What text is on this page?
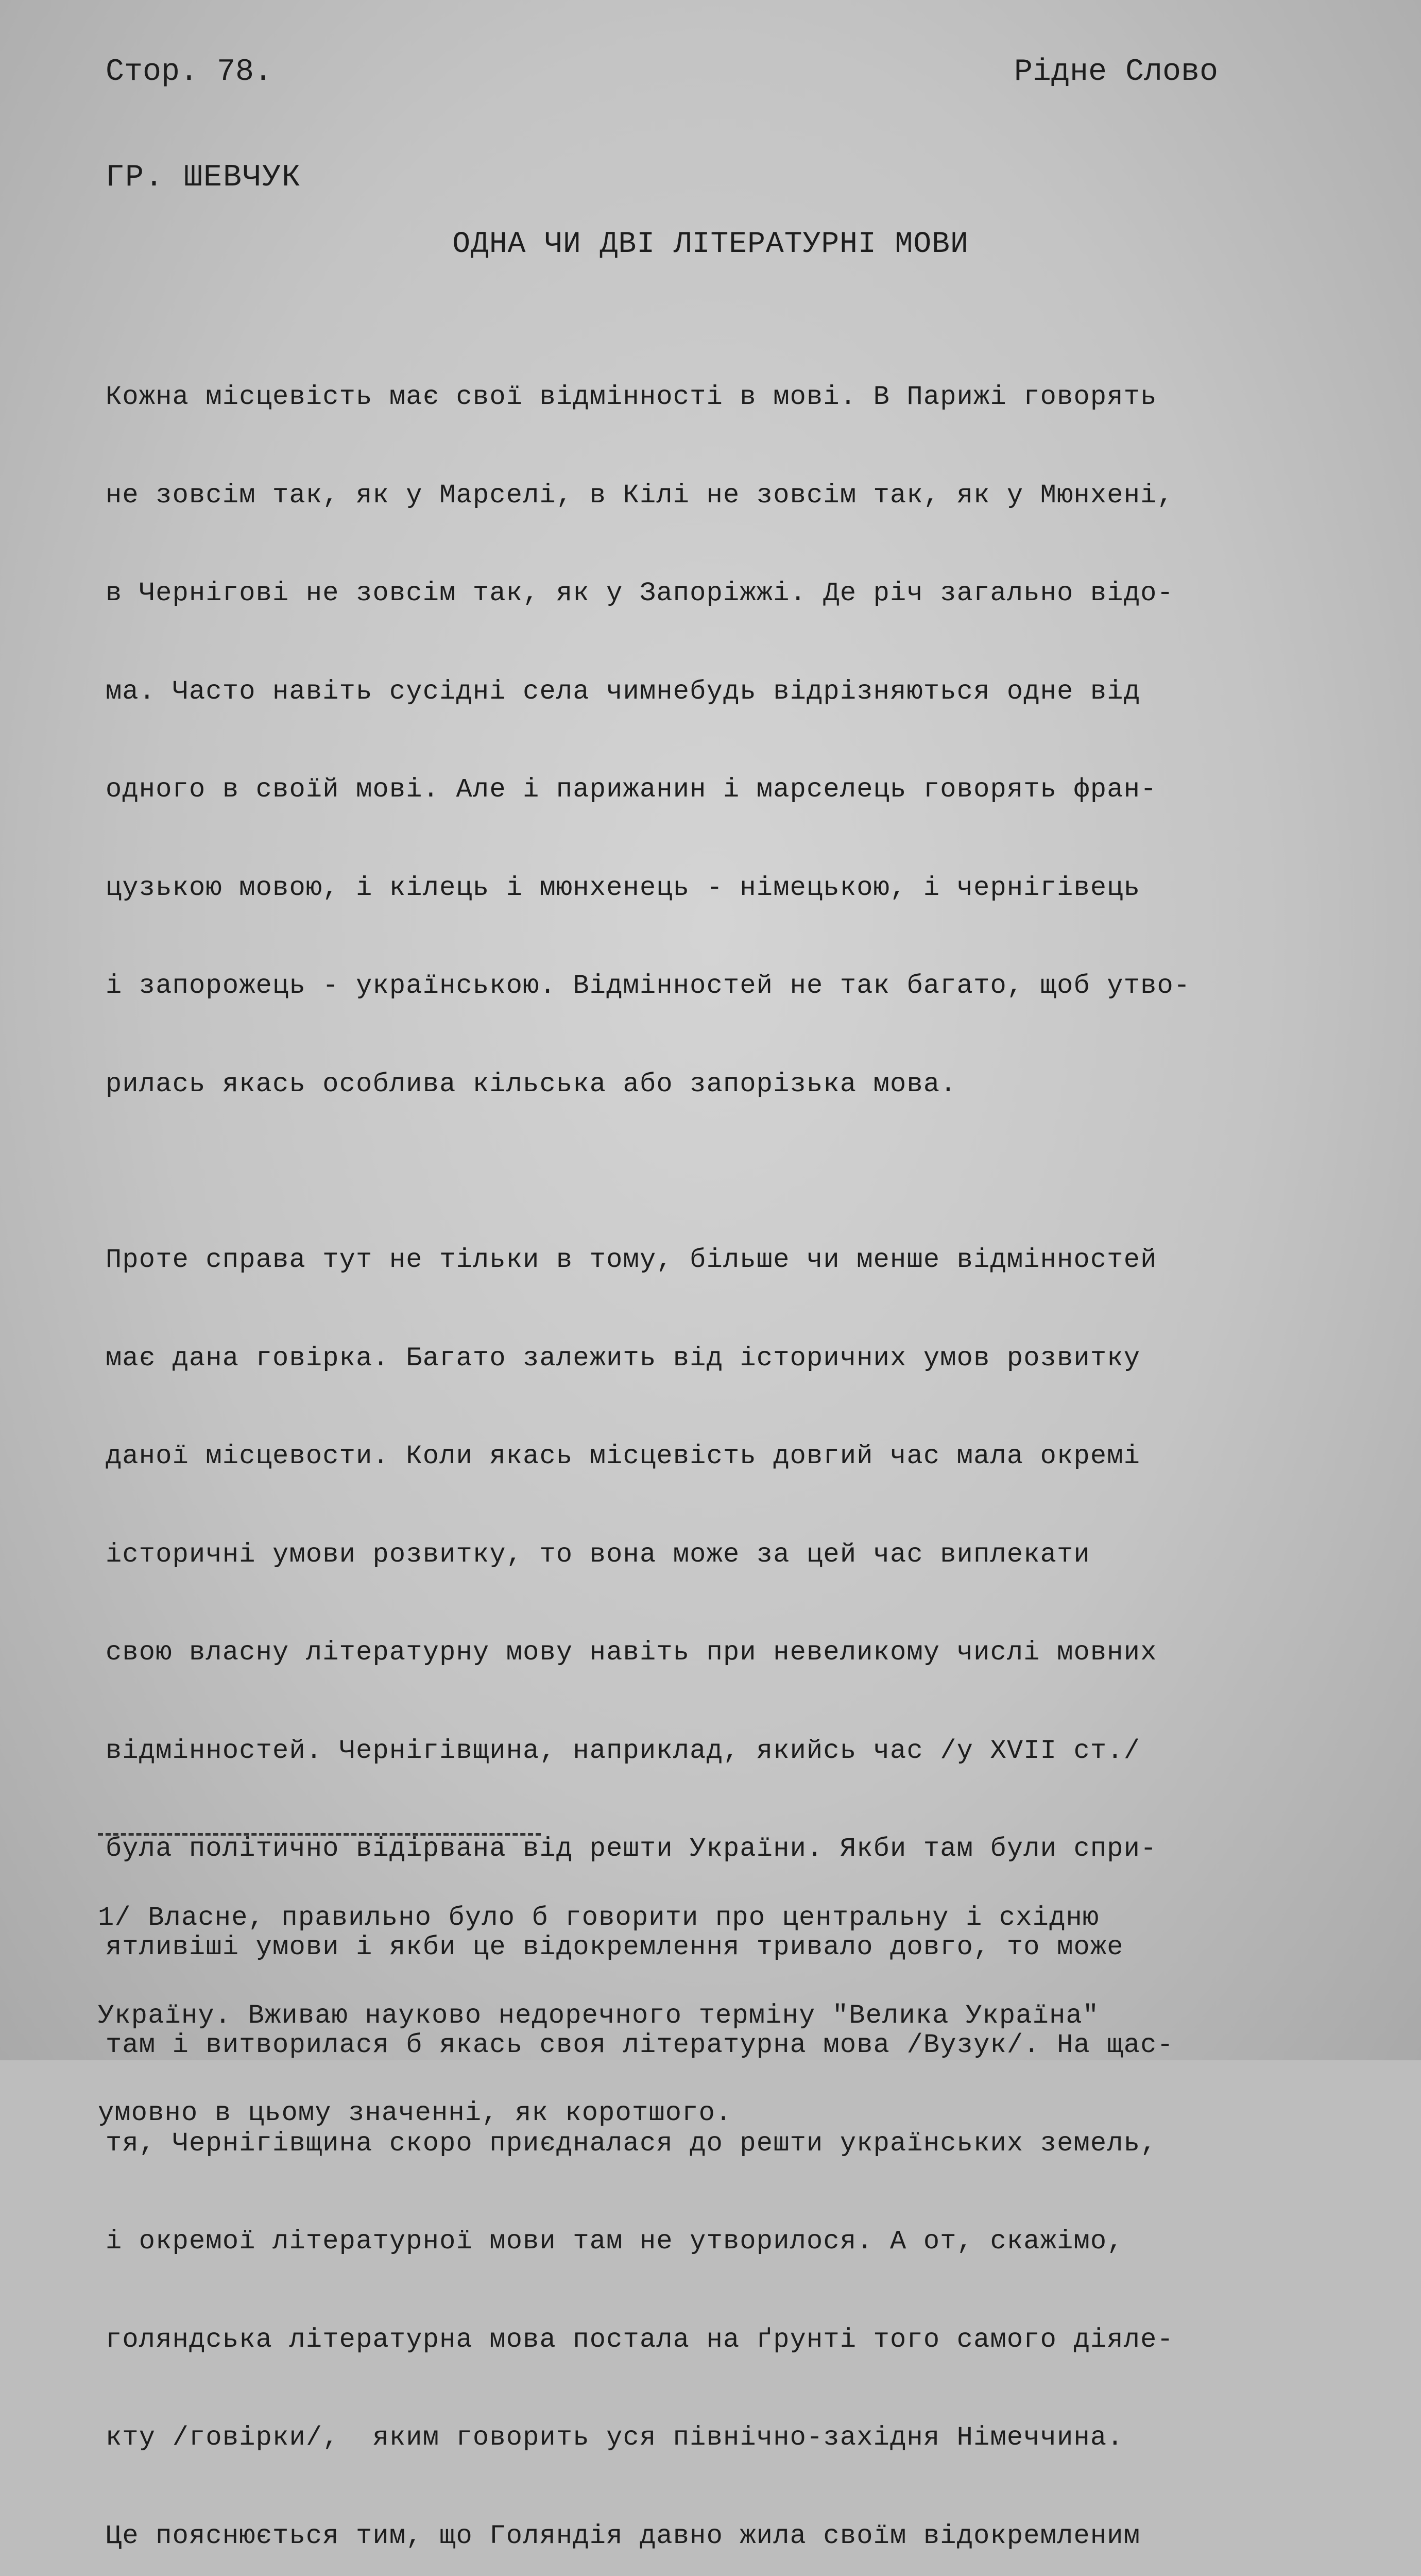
Стор. 78.	Рідне Слово
ГР. ШЕВЧУК
ОДНА ЧИ ДВІ ЛІТЕРАТУРНІ МОВИ

Кожна місцевість має свої відмінності в мові. В Парижі говорять

не зовсім так, як у Марселі, в Кілі не зовсім так, як у Мюнхені,

в Чернігові не зовсім так, як у Запоріжжі. Де річ загально відо-

ма. Часто навіть сусідні села чимнебудь відрізняються одне від

одного в своїй мові. Але і парижанин і марселець говорять фран-

цузькою мовою, і кілець і мюнхенець - німецькою, і чернігівець

і запорожець - українською. Відмінностей не так багато, щоб утво-

рилась якась особлива кільська або запорізька мова.

Проте справа тут не тільки в тому, більше чи менше відмінностей

має дана говірка. Багато залежить від історичних умов розвитку

даної місцевости. Коли якась місцевість довгий час мала окремі

історичні умови розвитку, то вона може за цей час виплекати

свою власну літературну мову навіть при невеликому числі мовних

відмінностей. Чернігівщина, наприклад, якийсь час /у XVII ст./

була політично відірвана від решти України. Якби там були спри-

ятливіші умови і якби це відокремлення тривало довго, то може

там і витворилася б якась своя літературна мова /Вузук/. На щас-

тя, Чернігівщина скоро приєдналася до решти українських земель,

і окремої літературної мови там не утворилося. А от, скажімо,

голяндська літературна мова постала на ґрунті того самого діяле-

кту /говірки/,  яким говорить уся північно-західня Німеччина.

Це пояснюється тим, що Голяндія давно жила своїм відокремленим

1/ Власне, правильно було б говорити про центральну і східню

Україну. Вживаю науково недоречного терміну "Велика Україна"

умовно в цьому значенні, як коротшого.
